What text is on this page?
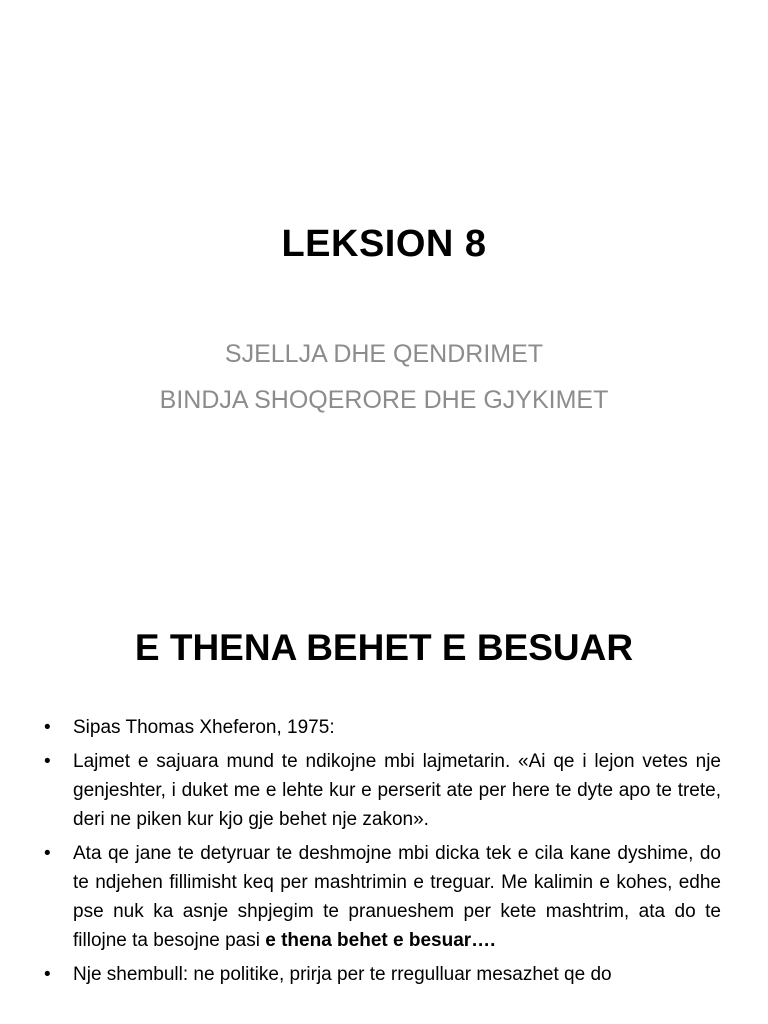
LEKSION 8
SJELLJA DHE QENDRIMET
BINDJA SHOQERORE DHE GJYKIMET
E THENA BEHET E BESUAR
• Sipas Thomas Xheferon, 1975:
• Lajmet e sajuara mund te ndikojne mbi lajmetarin. «Ai qe i lejon vetes nje genjeshter, i duket me e lehte kur e perserit ate per here te dyte apo te trete, deri ne piken kur kjo gje behet nje zakon».
• Ata qe jane te detyruar te deshmojne mbi dicka tek e cila kane dyshime, do te ndjehen fillimisht keq per mashtrimin e treguar. Me kalimin e kohes, edhe pse nuk ka asnje shpjegim te pranueshem per kete mashtrim, ata do te fillojne ta besojne pasi e thena behet e besuar….
• Nje shembull: ne politike, prirja per te rregulluar mesazhet qe do
